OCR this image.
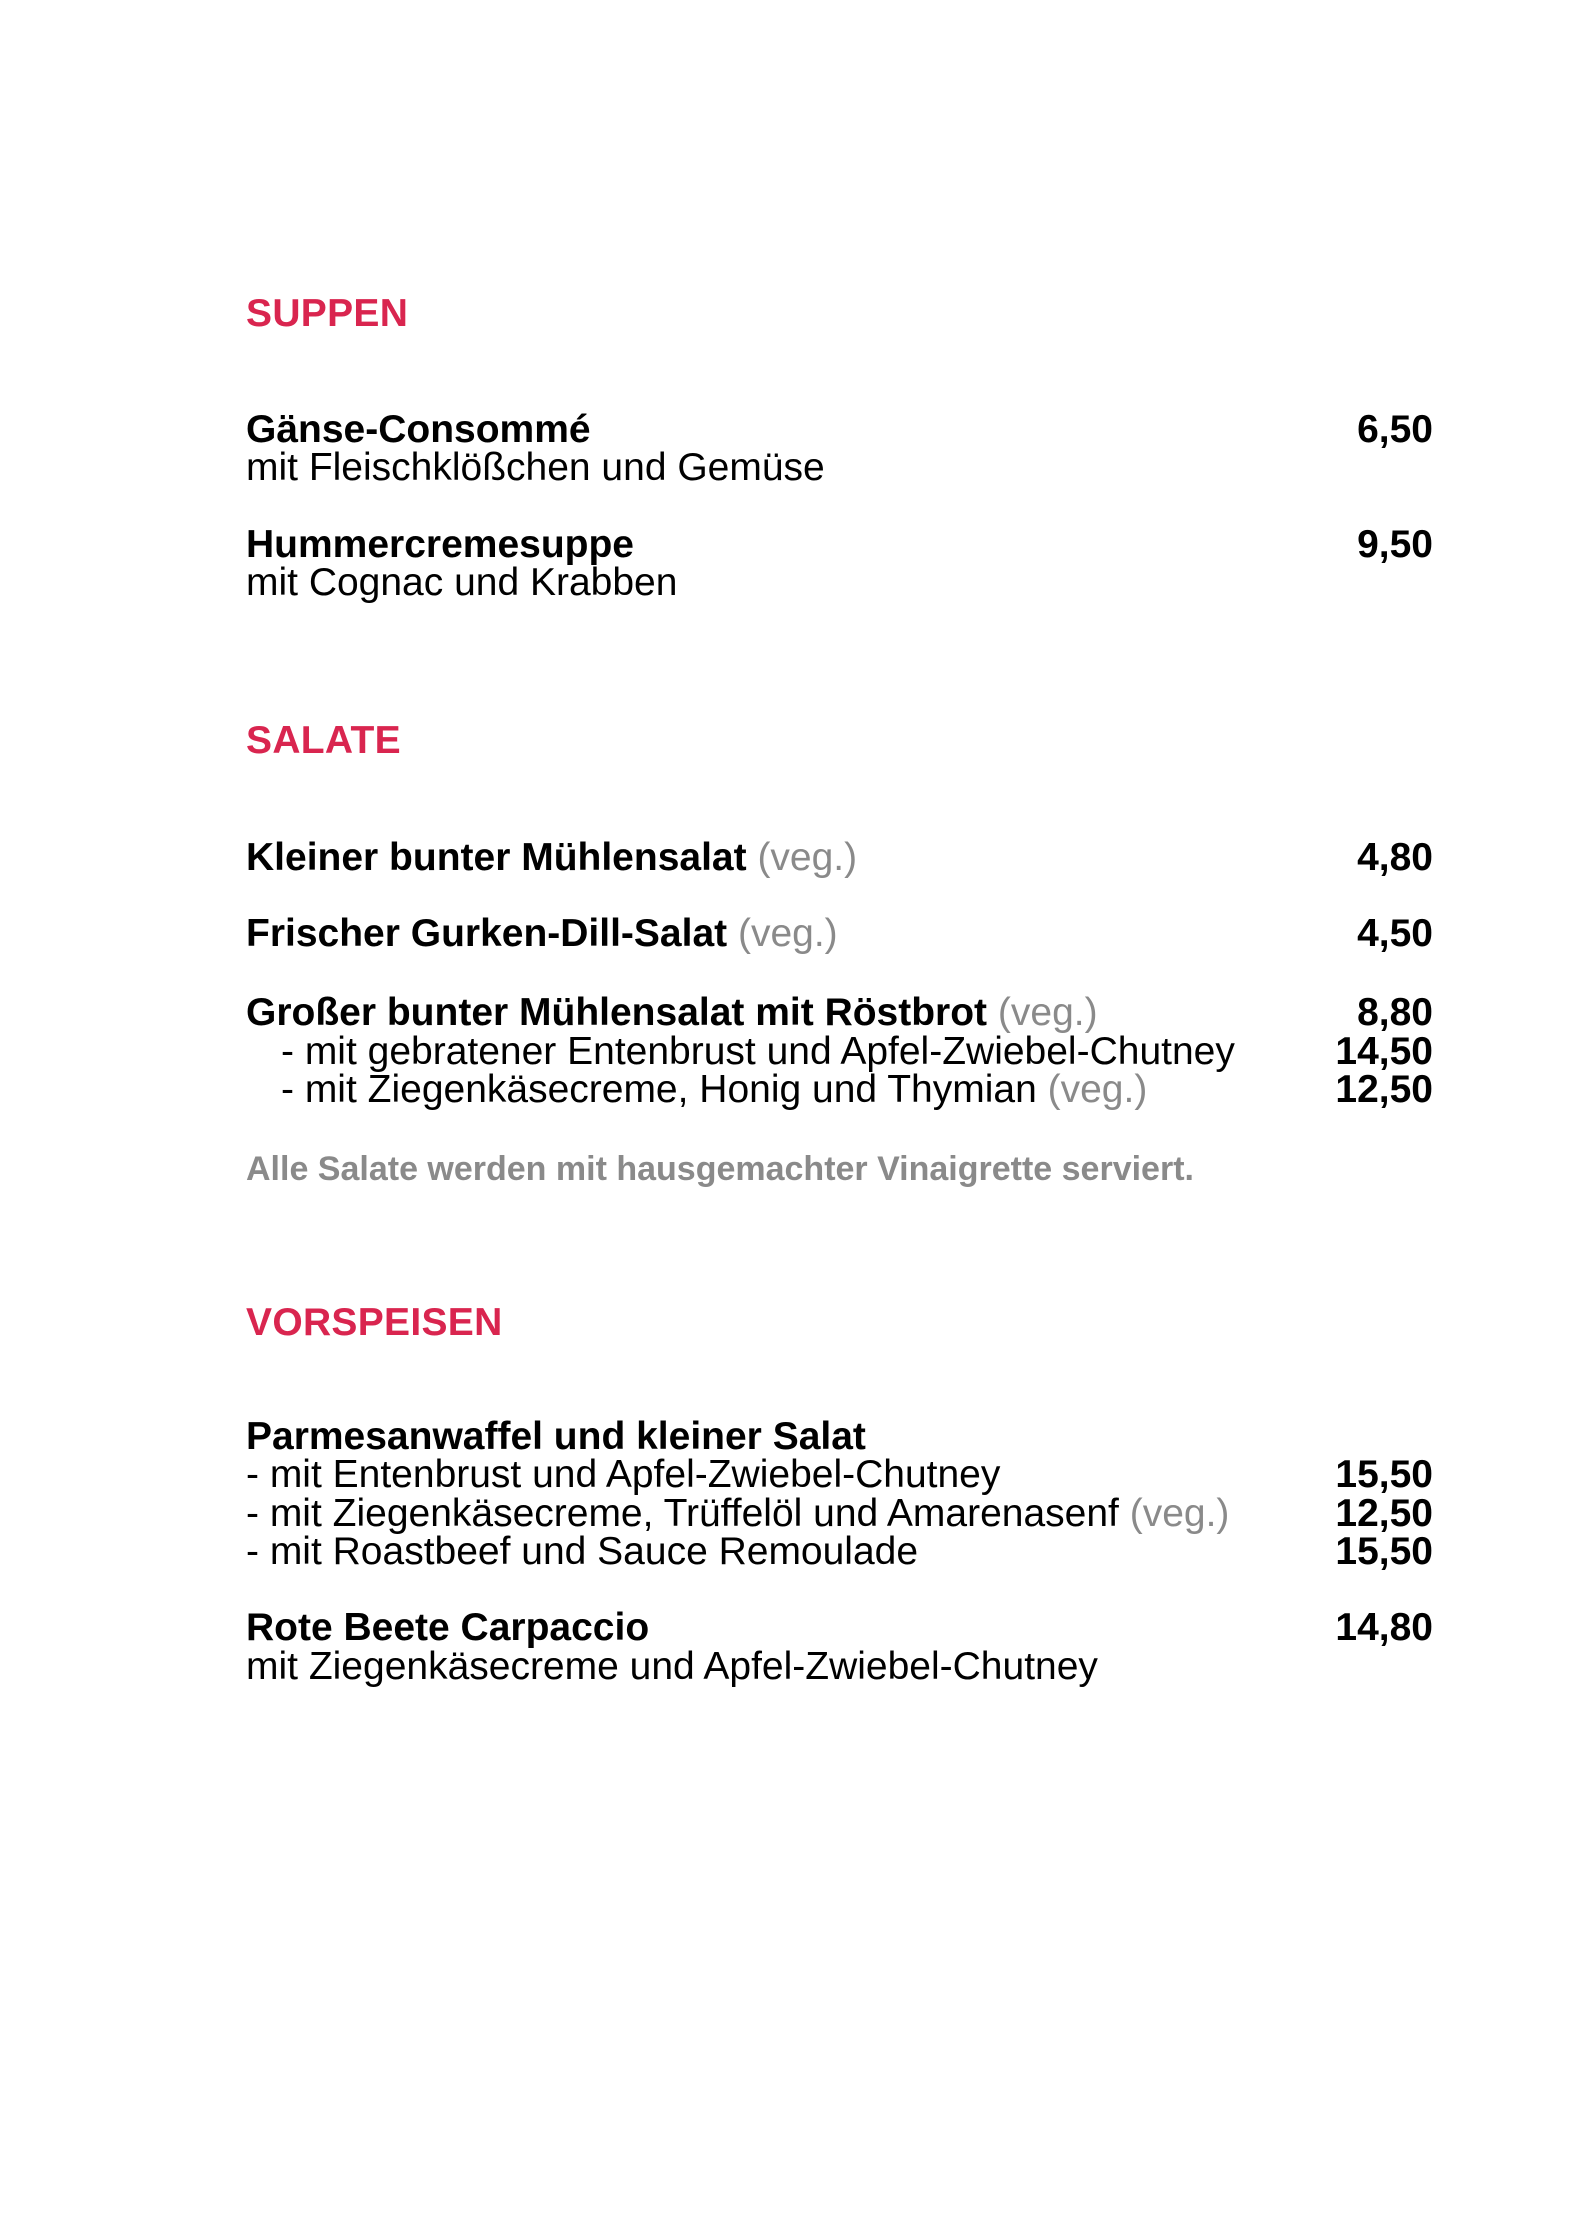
SUPPEN
Gänse-Consommé	6,50
mit Fleischklößchen und Gemüse
Hummercremesuppe	9,50
mit Cognac und Krabben
SALATE
Kleiner bunter Mühlensalat (veg.)	4,80
Frischer Gurken-Dill-Salat (veg.)	4,50
Großer bunter Mühlensalat mit Röstbrot (veg.)	8,80
- mit gebratener Entenbrust und Apfel-Zwiebel-Chutney	14,50
- mit Ziegenkäsecreme, Honig und Thymian (veg.)	12,50
Alle Salate werden mit hausgemachter Vinaigrette serviert.
VORSPEISEN
Parmesanwaffel und kleiner Salat
- mit Entenbrust und Apfel-Zwiebel-Chutney	15,50
- mit Ziegenkäsecreme, Trüffelöl und Amarenasenf (veg.)	12,50
- mit Roastbeef und Sauce Remoulade	15,50
Rote Beete Carpaccio	14,80
mit Ziegenkäsecreme und Apfel-Zwiebel-Chutney
